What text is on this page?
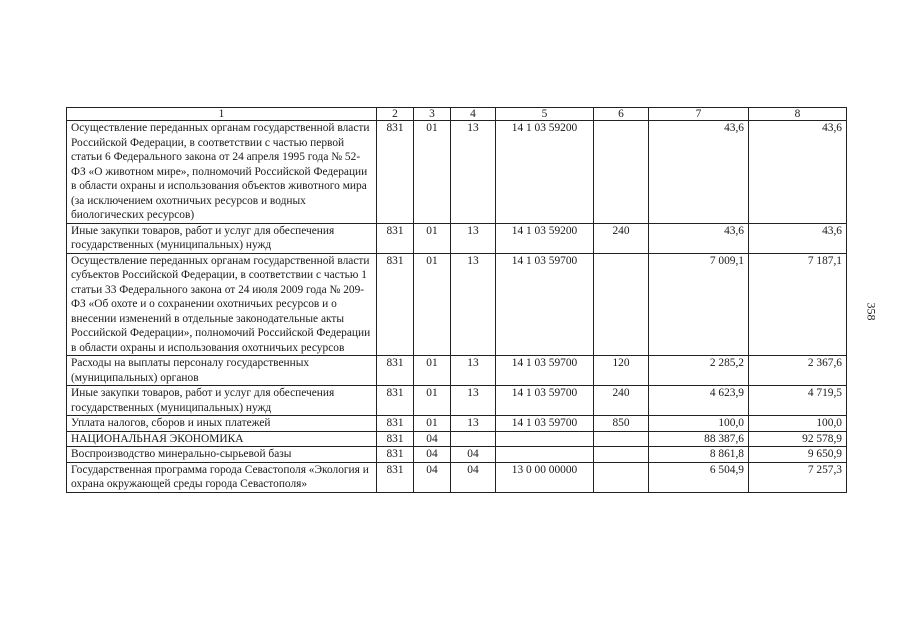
1	2	3	4	5	6	7	8
Осуществление переданных органам государственной власти Российской Федерации, в соответствии с частью первой статьи 6 Федерального закона от 24 апреля 1995 года № 52-ФЗ «О животном мире», полномочий Российской Федерации в области охраны и использования объектов животного мира (за исключением охотничьих ресурсов и водных биологических ресурсов)	831	01	13	14 1 03 59200		43,6	43,6
Иные закупки товаров, работ и услуг для обеспечения государственных (муниципальных) нужд	831	01	13	14 1 03 59200	240	43,6	43,6
Осуществление переданных органам государственной власти субъектов Российской Федерации, в соответствии с частью 1 статьи 33 Федерального закона от 24 июля 2009 года № 209-ФЗ «Об охоте и о сохранении охотничьих ресурсов и о внесении изменений в отдельные законодательные акты Российской Федерации», полномочий Российской Федерации в области охраны и использования охотничьих ресурсов	831	01	13	14 1 03 59700		7 009,1	7 187,1
Расходы на выплаты персоналу государственных (муниципальных) органов	831	01	13	14 1 03 59700	120	2 285,2	2 367,6
Иные закупки товаров, работ и услуг для обеспечения государственных (муниципальных) нужд	831	01	13	14 1 03 59700	240	4 623,9	4 719,5
Уплата налогов, сборов и иных платежей	831	01	13	14 1 03 59700	850	100,0	100,0
НАЦИОНАЛЬНАЯ ЭКОНОМИКА	831	04				88 387,6	92 578,9
Воспроизводство минерально-сырьевой базы	831	04	04			8 861,8	9 650,9
Государственная программа города Севастополя «Экология и охрана окружающей среды города Севастополя»	831	04	04	13 0 00 00000		6 504,9	7 257,3
358
